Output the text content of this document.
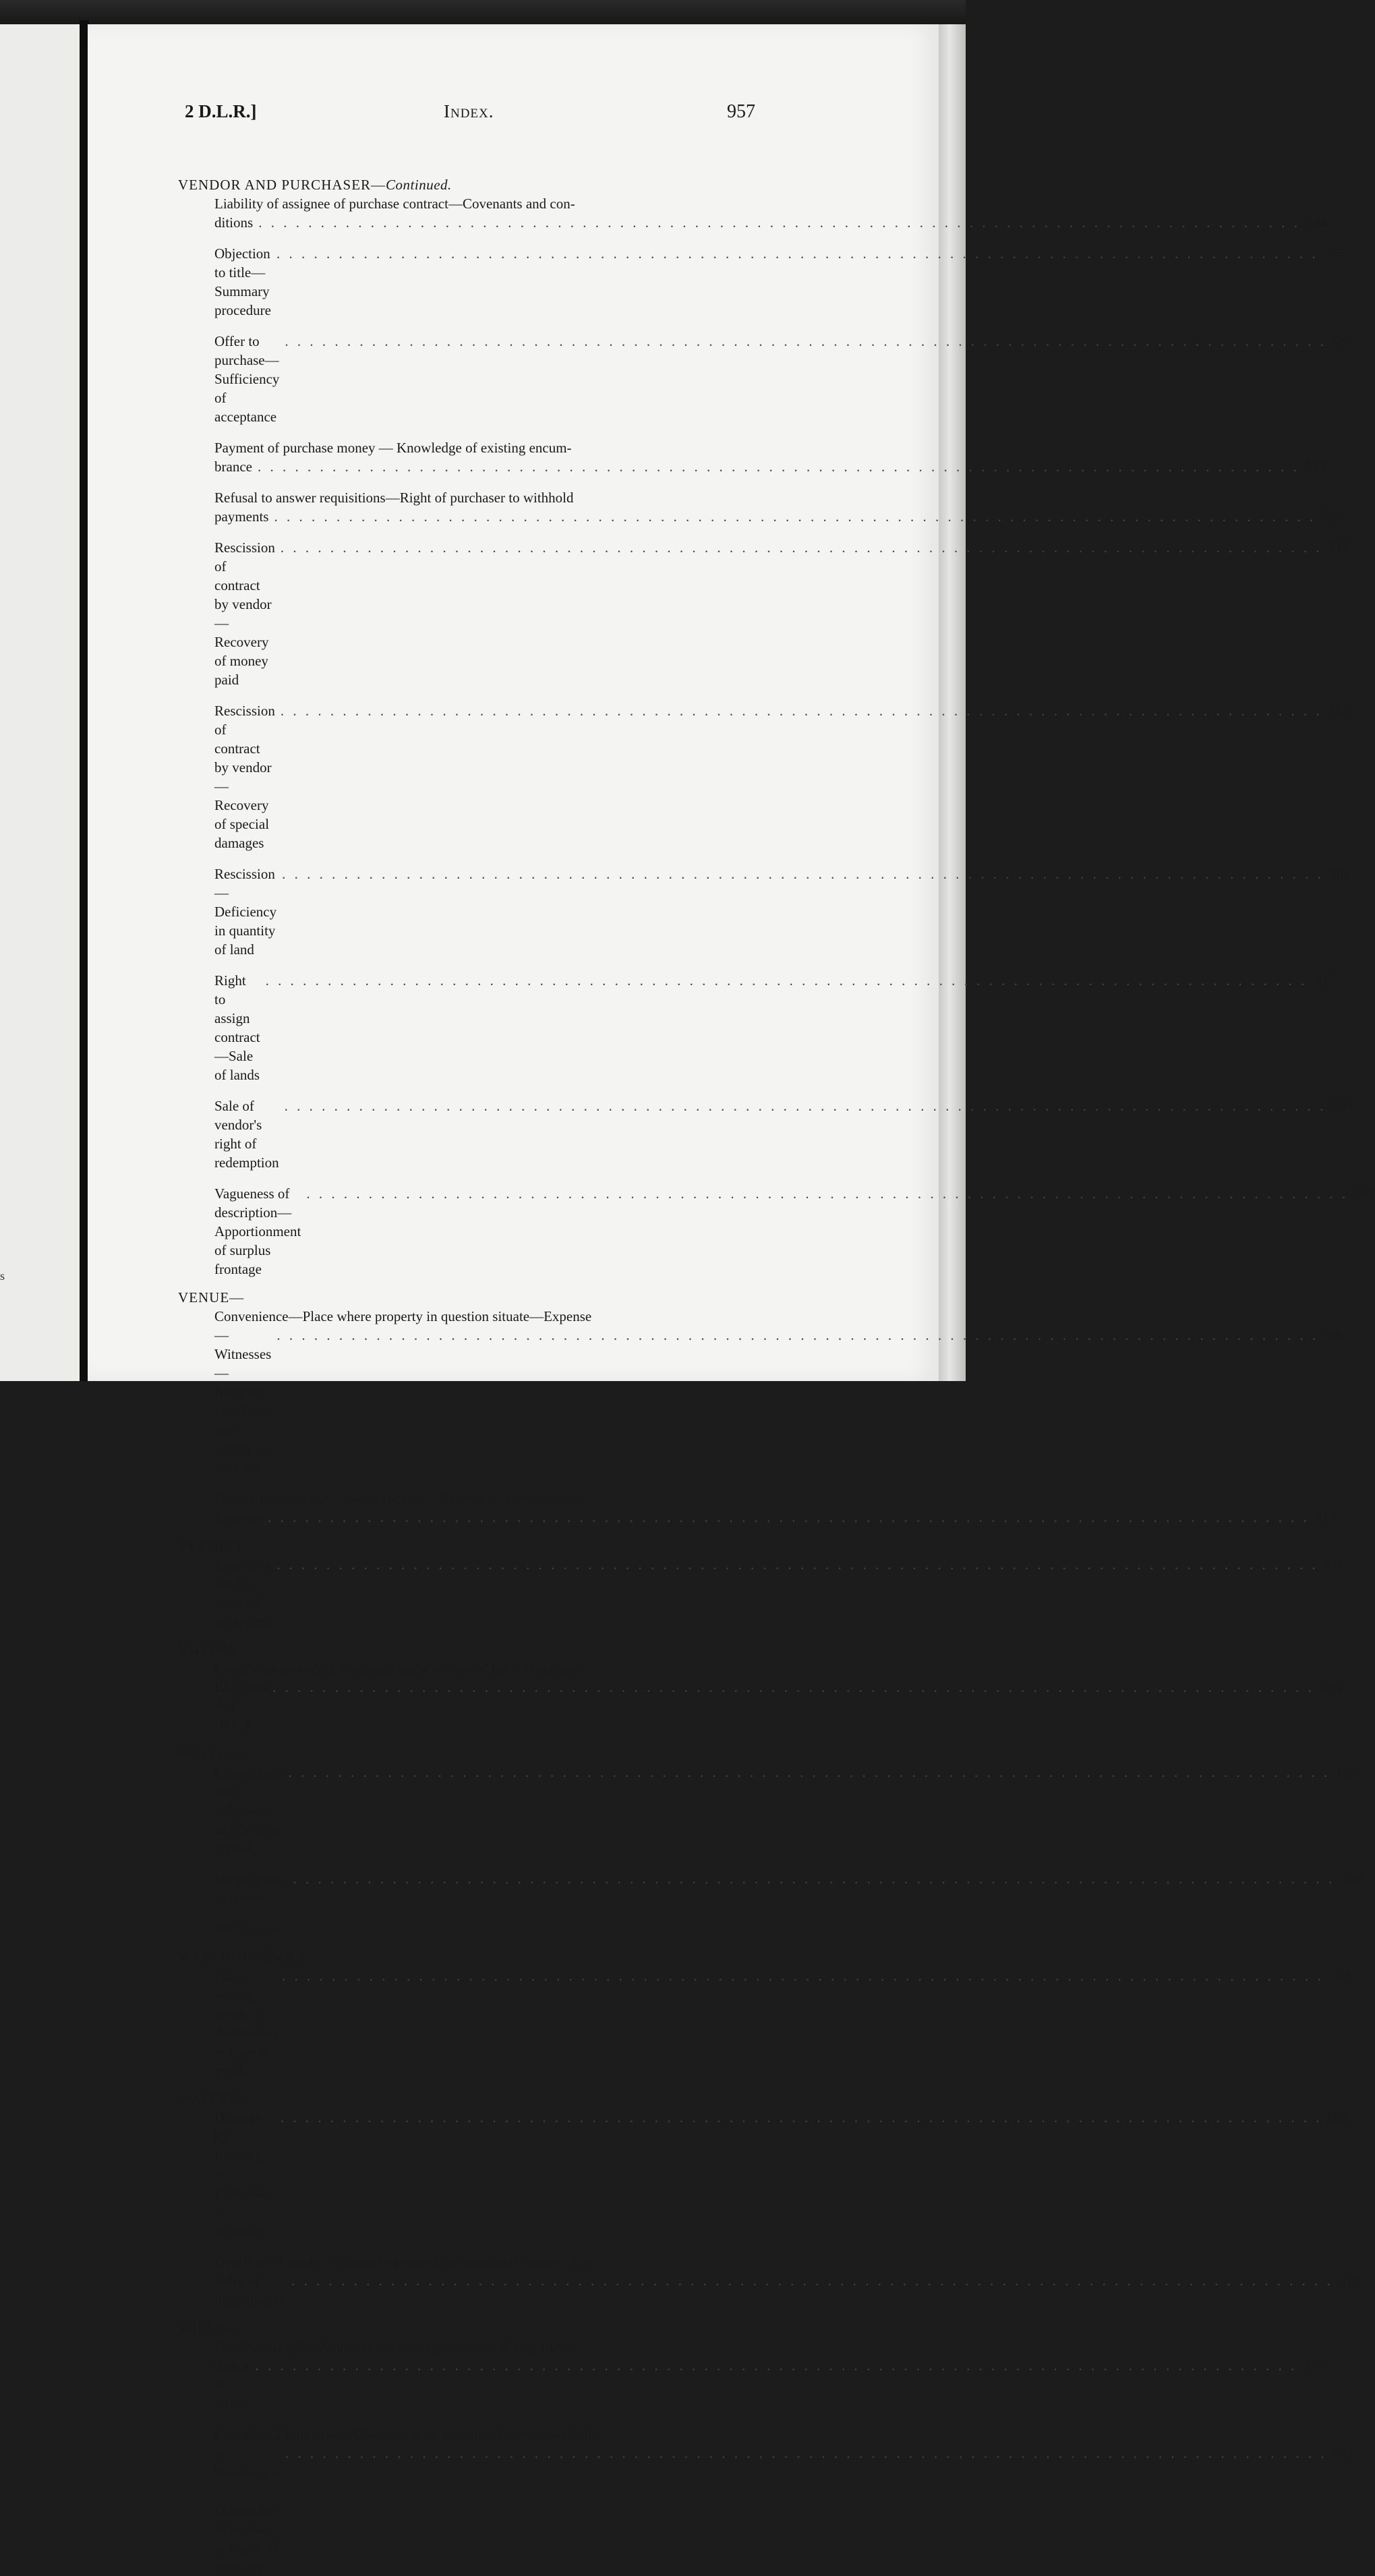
s
2 D.L.R.]	Index.	957
VENDOR AND PURCHASER—Continued.
Liability of assignee of purchase contract—Covenants and con-
ditions . . . . . . . . . . . . . . . . . . . . . . . . . . . . . . . . . . . . . . . . . . . . . . . . . . . . . . . . . . . . . . . . . . . . . . . . . . . . . . . . . . . . 544
Objection to title—Summary procedure
. . . . . . . . . . . . . . . . . . . . . . . . . . . . . . . . . . . . . . . . . . . . . . . . . . . . . . . . . . . . . . . . . . . . . . . . . . . . . . . . . . . . 77
Offer to purchase—Sufficiency of acceptance
. . . . . . . . . . . . . . . . . . . . . . . . . . . . . . . . . . . . . . . . . . . . . . . . . . . . . . . . . . . . . . . . . . . . . . . . . . . . . . . . . . . . 686
Payment of purchase money — Knowledge of existing encum-
brance . . . . . . . . . . . . . . . . . . . . . . . . . . . . . . . . . . . . . . . . . . . . . . . . . . . . . . . . . . . . . . . . . . . . . . . . . . . . . . . . . . . . 519
Refusal to answer requisitions—Right of purchaser to withhold
payments . . . . . . . . . . . . . . . . . . . . . . . . . . . . . . . . . . . . . . . . . . . . . . . . . . . . . . . . . . . . . . . . . . . . . . . . . . . . . . . . . . . . 298
Rescission of contract by vendor—Recovery of money paid
. . . . . . . . . . . . . . . . . . . . . . . . . . . . . . . . . . . . . . . . . . . . . . . . . . . . . . . . . . . . . . . . . . . . . . . . . . . . . . . . . . . . 714
Rescission of contract by vendor—Recovery of special damages
. . . . . . . . . . . . . . . . . . . . . . . . . . . . . . . . . . . . . . . . . . . . . . . . . . . . . . . . . . . . . . . . . . . . . . . . . . . . . . . . . . . . 714
Rescission—Deficiency in quantity of land
. . . . . . . . . . . . . . . . . . . . . . . . . . . . . . . . . . . . . . . . . . . . . . . . . . . . . . . . . . . . . . . . . . . . . . . . . . . . . . . . . . . . 384
Right to assign contract—Sale of lands
. . . . . . . . . . . . . . . . . . . . . . . . . . . . . . . . . . . . . . . . . . . . . . . . . . . . . . . . . . . . . . . . . . . . . . . . . . . . . . . . . . . . 392
Sale of vendor's right of redemption
. . . . . . . . . . . . . . . . . . . . . . . . . . . . . . . . . . . . . . . . . . . . . . . . . . . . . . . . . . . . . . . . . . . . . . . . . . . . . . . . . . . . 584
Vagueness of description—Apportionment of surplus frontage
. . . . . . . . . . . . . . . . . . . . . . . . . . . . . . . . . . . . . . . . . . . . . . . . . . . . . . . . . . . . . . . . . . . . . . . . . . . . . . . . . . . . 881
VENUE—
Convenience—Place where property in question situate—Expense
—Witnesses—Bringing case from outer county to Toronto
. . . . . . . . . . . . . . . . . . . . . . . . . . . . . . . . . . . . . . . . . . . . . . . . . . . . . . . . . . . . . . . . . . . . . . . . . . . . . . . . . . . . 896
County Court action—Issues for trial—Evidence—Convenience—
Expense . . . . . . . . . . . . . . . . . . . . . . . . . . . . . . . . . . . . . . . . . . . . . . . . . . . . . . . . . . . . . . . . . . . . . . . . . . . . . . . . . . . . 915
VERDICT—
Excessive verdict reduced on appeal
. . . . . . . . . . . . . . . . . . . . . . . . . . . . . . . . . . . . . . . . . . . . . . . . . . . . . . . . . . . . . . . . . . . . . . . . . . . . . . . . . . . . 276
VOTERS—
Conditions precedent to placing name on voters' list—Municipal
Elections Act (B.C.)
. . . . . . . . . . . . . . . . . . . . . . . . . . . . . . . . . . . . . . . . . . . . . . . . . . . . . . . . . . . . . . . . . . . . . . . . . . . . . . . . . . . . 349
WAIVER—
Compliance with judgment as affecting appeal
. . . . . . . . . . . . . . . . . . . . . . . . . . . . . . . . . . . . . . . . . . . . . . . . . . . . . . . . . . . . . . . . . . . . . . . . . . . . . . . . . . . . 110
Irregularities in appeal
. . . . . . . . . . . . . . . . . . . . . . . . . . . . . . . . . . . . . . . . . . . . . . . . . . . . . . . . . . . . . . . . . . . . . . . . . . . . . . . . . . . . 108
See Tender.
WAREHOUSEMAN—
Carrier storing goods at destination—Care of goods
. . . . . . . . . . . . . . . . . . . . . . . . . . . . . . . . . . . . . . . . . . . . . . . . . . . . . . . . . . . . . . . . . . . . . . . . . . . . . . . . . . . . 84
WATERS—
Damage by flooding—Particulars of pleading
. . . . . . . . . . . . . . . . . . . . . . . . . . . . . . . . . . . . . . . . . . . . . . . . . . . . . . . . . . . . . . . . . . . . . . . . . . . . . . . . . . . . 898
Overflow of banks—Channel narrowed by municipal bridge—Lia-
bility of municipality
. . . . . . . . . . . . . . . . . . . . . . . . . . . . . . . . . . . . . . . . . . . . . . . . . . . . . . . . . . . . . . . . . . . . . . . . . . . . . . . . . . . . 619
WILLS—
Conditional gift—Authority to make appointment during life of
donee of power
. . . . . . . . . . . . . . . . . . . . . . . . . . . . . . . . . . . . . . . . . . . . . . . . . . . . . . . . . . . . . . . . . . . . . . . . . . . . . . . . . . . . 576
Conditional limitation—Devise of with absolute discretion—Death
of beneficiary—Disposition of residue in hands of executor
. . . . . . . . . . . . . . . . . . . . . . . . . . . . . . . . . . . . . . . . . . . . . . . . . . . . . . . . . . . . . . . . . . . . . . . . . . . . . . . . . . . . 644
